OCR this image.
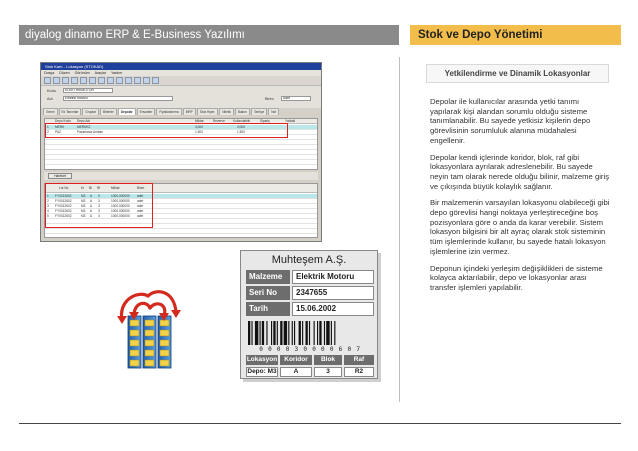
diyalog dinamo ERP & E-Business Yazılımı	Stok ve Depo Yönetimi
Yetkilendirme ve Dinamik Lokasyonlar

Depolar ile kullanıcılar arasında yetki tanımı yapılarak kişi alandan sorumlu olduğu sisteme tanımlanabilir. Bu sayede yetkisiz kişilerin depo görevlisinin sorumluluk alanına müdahalesi engellenir.

Depolar kendi içlerinde koridor, blok, raf gibi lokasyonlara ayrılarak adreslenebilir. Bu sayede neyin tam olarak nerede olduğu bilinir, malzeme giriş ve çıkışında büyük kolaylık sağlanır.

Bir malzemenin varsayılan lokasyonu olabileceği gibi depo görevlisi hangi noktaya yerleştireceğine boş pozisyonlara göre o anda da karar verebilir. Sistem lokasyon bilgisini bir alt ayraç olarak stok sisteminin tüm işlemlerinde kullanır, bu sayede hatalı lokasyon işlemlerine izin vermez.

Deponun içindeki yerleşim değişiklikleri de sisteme kolayca aktarılabilir, depo ve lokasyonlar arası transfer işlemleri yapılabilir.

Stok Kartı - Lokasyon (STOKAD)
Dosya Düzen Görünüm Araçlar Yardım
Kodu	ELEKTRİKMOTOR
Adı	Elektrik Motoru	Birim	Adet
Genel	Ek Tanımlar	Gruplar	Birimler	Depolar	Envanter	Fiyatlandırma	MRP	Stok Hiyer.	Nitelik	Bakım	Tarihçe	Not
Depo Kodu Depo Adı	Miktar	Rezerve	Kullanılabilir	Sipariş	Yoldaki
1 MERK	MERKEZ	3,000	3,000
2 PAZ	Pazarlama Ambarı	1,500	1,500
Hareket
Lot No	Kr Bl Rf	Miktar	Birim
1 FY0012602	M3 A 3	1000,000000 adet
2 FY0012602	M3 A 3	1000,000000 adet
3 FY0012602	M3 A 3	1000,000000 adet
4 FY0012602	M3 A 3	1000,000000 adet
5 FY0012602	M3 A 3	1000,000000 adet
Muhteşem A.Ş.
Malzeme	Elektrik Motoru
Seri No	2347655
Tarih	15.06.2002
0 0 0 0 3 0 0 0 0 6 0 7
Lokasyon	Koridor	Blok	Raf
Depo: M3	A	3	R2
